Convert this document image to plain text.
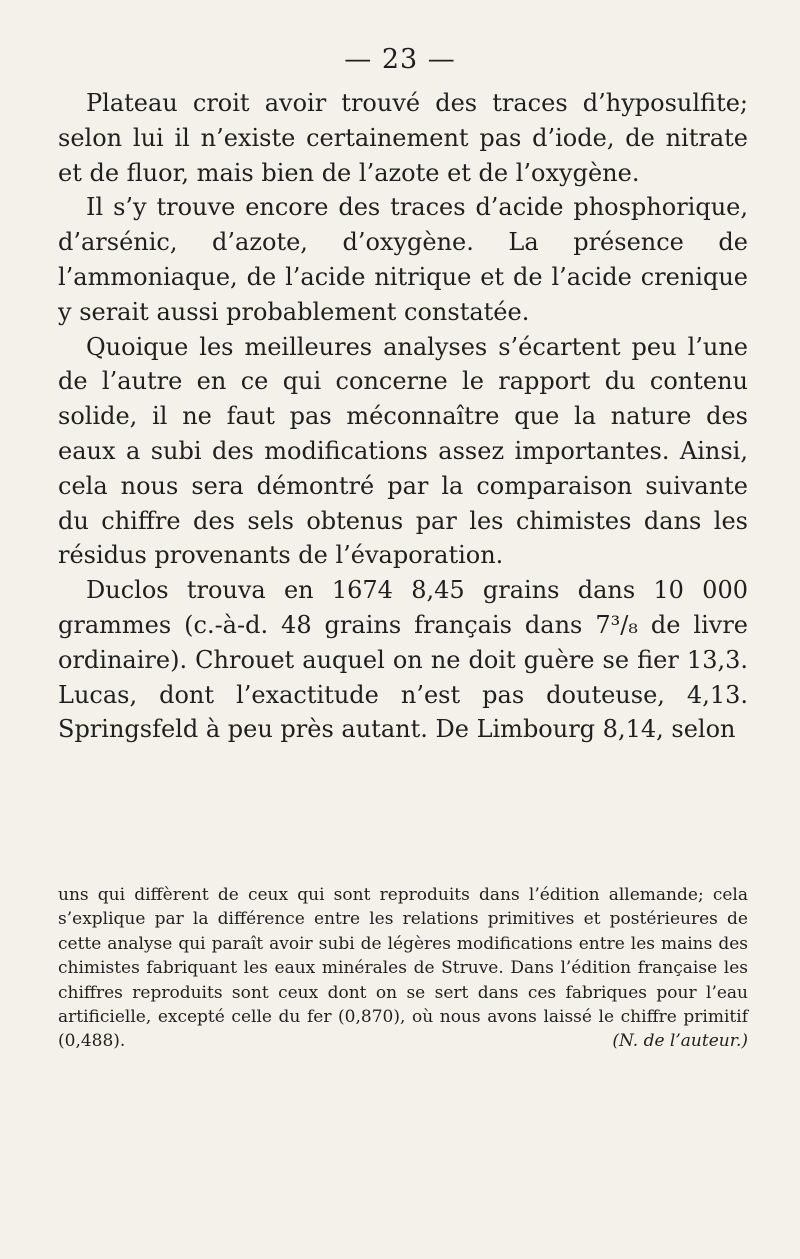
— 23 —

Plateau croit avoir trouvé des traces d’hyposulfite; selon lui il n’existe certainement pas d’iode, de nitrate et de fluor, mais bien de l’azote et de l’oxygène.

Il s’y trouve encore des traces d’acide phosphorique, d’arsénic, d’azote, d’oxygène. La présence de l’ammoniaque, de l’acide nitrique et de l’acide crenique y serait aussi probablement constatée.

Quoique les meilleures analyses s’écartent peu l’une de l’autre en ce qui concerne le rapport du contenu solide, il ne faut pas méconnaître que la nature des eaux a subi des modifications assez importantes. Ainsi, cela nous sera démontré par la comparaison suivante du chiffre des sels obtenus par les chimistes dans les résidus provenants de l’évaporation.

Duclos trouva en 1674 8,45 grains dans 10 000 grammes (c.-à-d. 48 grains français dans 7³/₈ de livre ordinaire). Chrouet auquel on ne doit guère se fier 13,3. Lucas, dont l’exactitude n’est pas douteuse, 4,13. Springsfeld à peu près autant. De Limbourg 8,14, selon

uns qui diffèrent de ceux qui sont reproduits dans l’édition allemande; cela s’explique par la différence entre les relations primitives et postérieures de cette analyse qui paraît avoir subi de légères modifications entre les mains des chimistes fabriquant les eaux minérales de Struve. Dans l’édition française les chiffres reproduits sont ceux dont on se sert dans ces fabriques pour l’eau artificielle, excepté celle du fer (0,870), où nous avons laissé le chiffre primitif (0,488).	(N. de l’auteur.)
